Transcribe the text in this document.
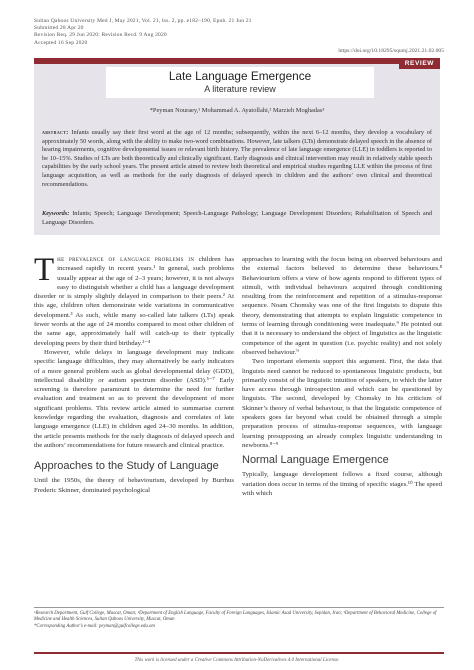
Sultan Qaboos University Med J, May 2021, Vol. 21, Iss. 2, pp. e182–190, Epub. 21 Jun 21
Submitted 28 Apr 20
Revision Req. 29 Jun 2020; Revision Recd. 9 Aug 2020
Accepted 16 Sep 2020
https://doi.org/10.18295/squmj.2021.21.02.005
REVIEW
Late Language Emergence
A literature review
*Peyman Nouraey,¹ Mohammad A. Ayatollahi,² Marzieh Moghadas³
abstract: Infants usually say their first word at the age of 12 months; subsequently, within the next 6–12 months, they develop a vocabulary of approximately 50 words, along with the ability to make two-word combinations. However, late talkers (LTs) demonstrate delayed speech in the absence of hearing impairments, cognitive developmental issues or relevant birth history. The prevalence of late language emergence (LLE) in toddlers is reported to be 10–15%. Studies of LTs are both theoretically and clinically significant. Early diagnosis and clinical intervention may result in relatively stable speech capabilities by the early school years. The present article aimed to review both theoretical and empirical studies regarding LLE within the process of first language acquisition, as well as methods for the early diagnosis of delayed speech in children and the authors’ own clinical and theoretical recommendations.
Keywords: Infants; Speech; Language Development; Speech-Language Pathology; Language Development Disorders; Rehabilitation of Speech and Language Disorders.

T he prevalence of language problems in children has increased rapidly in recent years.¹ In general, such problems usually appear at the age of 2–3 years; however, it is not always easy to distinguish whether a child has a language development disorder or is simply slightly delayed in comparison to their peers.² At this age, children often demonstrate wide variations in communicative development.³ As such, while many so-called late talkers (LTs) speak fewer words at the age of 24 months compared to most other children of the same age, approximately half will catch-up to their typically developing peers by their third birthday.²⁻⁴

However, while delays in language development may indicate specific language difficulties, they may alternatively be early indicators of a more general problem such as global developmental delay (GDD), intellectual disability or autism spectrum disorder (ASD).⁵⁻⁷ Early screening is therefore paramount to determine the need for further evaluation and treatment so as to prevent the development of more significant problems. This review article aimed to summarise current knowledge regarding the evaluation, diagnosis and correlates of late language emergence (LLE) in children aged 24–30 months. In addition, the article presents methods for the early diagnosis of delayed speech and the authors’ recommendations for future research and clinical practice.

Approaches to the Study of Language

Until the 1950s, the theory of behaviourism, developed by Burrhus Frederic Skinner, dominated psychological

approaches to learning with the focus being on observed behaviours and the external factors believed to determine these behaviours.⁸ Behaviourism offers a view of how agents respond to different types of stimuli, with individual behaviours acquired through conditioning resulting from the reinforcement and repetition of a stimulus-response sequence. Noam Chomsky was one of the first linguists to dispute this theory, demonstrating that attempts to explain linguistic competence in terms of learning through conditioning were inadequate.⁹ He pointed out that it is necessary to understand the object of linguistics as the linguistic competence of the agent in question (i.e. psychic reality) and not solely observed behaviour.⁹

Two important elements support this argument. First, the data that linguists need cannot be reduced to spontaneous linguistic products, but primarily consist of the linguistic intuition of speakers, to which the latter have access through introspection and which can be questioned by linguists. The second, developed by Chomsky in his criticism of Skinner’s theory of verbal behaviour, is that the linguistic competence of speakers goes far beyond what could be obtained through a simple preparation process of stimulus-response sequences, with language learning presupposing an already complex linguistic understanding in newborns.⁸⁻⁹

Normal Language Emergence

Typically, language development follows a fixed course, although variation does occur in terms of the timing of specific stages.¹⁰ The speed with which

¹Research Department, Gulf College, Muscat, Oman; ²Department of English Language, Faculty of Foreign Languages, Islamic Azad University, Sepidan, Iran; ³Department of Behavioral Medicine, College of Medicine and Health Sciences, Sultan Qaboos University, Muscat, Oman
*Corresponding Author’s e-mail: peyman@gulfcollege.edu.om
This work is licensed under a Creative Commons Attribution-NoDerivatives 4.0 International License.
